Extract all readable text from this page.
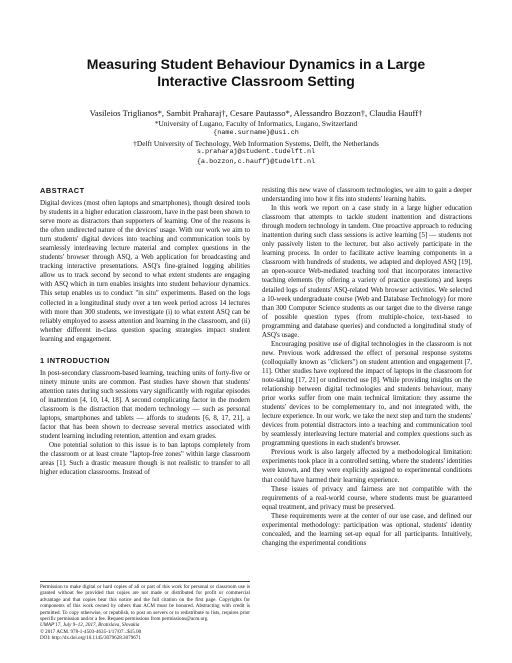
Measuring Student Behaviour Dynamics in a Large Interactive Classroom Setting
Vasileios Triglianos*, Sambit Praharaj†, Cesare Pautasso*, Alessandro Bozzon†, Claudia Hauff†
*University of Lugano, Faculty of Informatics, Lugano, Switzerland
{name.surname}@usi.ch
†Delft University of Technology, Web Information Systems, Delft, the Netherlands
s.praharaj@student.tudelft.nl
{a.bozzon,c.hauff}@tudelft.nl
ABSTRACT

Digital devices (most often laptops and smartphones), though desired tools by students in a higher education classroom, have in the past been shown to serve more as distractors than supporters of learning. One of the reasons is the often undirected nature of the devices' usage. With our work we aim to turn students' digital devices into teaching and communication tools by seamlessly interleaving lecture material and complex questions in the students' browser through ASQ, a Web application for broadcasting and tracking interactive presentations. ASQ's fine-grained logging abilities allow us to track second by second to what extent students are engaging with ASQ which in turn enables insights into student behaviour dynamics. This setup enables us to conduct "in situ" experiments. Based on the logs collected in a longitudinal study over a ten week period across 14 lectures with more than 300 students, we investigate (i) to what extent ASQ can be reliably employed to assess attention and learning in the classroom, and (ii) whether different in-class question spacing strategies impact student learning and engagement.

1 INTRODUCTION

In post-secondary classroom-based learning, teaching units of forty-five or ninety minute units are common. Past studies have shown that students' attention rates during such sessions vary significantly with regular episodes of inattention [4, 10, 14, 18]. A second complicating factor in the modern classroom is the distraction that modern technology — such as personal laptops, smartphones and tablets — affords to students [6, 8, 17, 21], a factor that has been shown to decrease several metrics associated with student learning including retention, attention and exam grades.

One potential solution to this issue is to ban laptops completely from the classroom or at least create "laptop-free zones" within large classroom areas [1]. Such a drastic measure though is not realistic to transfer to all higher education classrooms. Instead of

resisting this new wave of classroom technologies, we aim to gain a deeper understanding into how it fits into students' learning habits.

In this work we report on a case study in a large higher education classroom that attempts to tackle student inattention and distractions through modern technology in tandem. One proactive approach to reducing inattention during such class sessions is active learning [5] — students not only passively listen to the lecturer, but also actively participate in the learning process. In order to facilitate active learning components in a classroom with hundreds of students, we adapted and deployed ASQ [19], an open-source Web-mediated teaching tool that incorporates interactive teaching elements (by offering a variety of practice questions) and keeps detailed logs of students' ASQ-related Web browser activities. We selected a 10-week undergraduate course (Web and Database Technology) for more than 300 Computer Science students as our target due to the diverse range of possible question types (from multiple-choice, text-based to programming and database queries) and conducted a longitudinal study of ASQ's usage.

Encouraging positive use of digital technologies in the classroom is not new. Previous work addressed the effect of personal response systems (colloquially known as "clickers") on student attention and engagement [7, 11]. Other studies have explored the impact of laptops in the classroom for note-taking [17, 21] or undirected use [8]. While providing insights on the relationship between digital technologies and students behaviour, many prior works suffer from one main technical limitation: they assume the students' devices to be complementary to, and not integrated with, the lecture experience. In our work, we take the next step and turn the students' devices from potential distractors into a teaching and communication tool by seamlessly interleaving lecture material and complex questions such as programming questions in each student's browser.

Previous work is also largely affected by a methodological limitation: experiments took place in a controlled setting, where the students' identities were known, and they were explicitly assigned to experimental conditions that could have harmed their learning experience.

These issues of privacy and fairness are not compatible with the requirements of a real-world course, where students must be guaranteed equal treatment, and privacy must be preserved.

These requirements were at the center of our use case, and defined our experimental methodology: participation was optional, students' identity concealed, and the learning set-up equal for all participants. Intuitively, changing the experimental conditions

Permission to make digital or hard copies of all or part of this work for personal or classroom use is granted without fee provided that copies are not made or distributed for profit or commercial advantage and that copies bear this notice and the full citation on the first page. Copyrights for components of this work owned by others than ACM must be honored. Abstracting with credit is permitted. To copy otherwise, or republish, to post on servers or to redistribute to lists, requires prior specific permission and/or a fee. Request permissions from permissions@acm.org.

UMAP'17, July 9–12, 2017, Bratislava, Slovakia

© 2017 ACM. 978-1-4503-4635-1/17/07...$15.00

DOI: http://dx.doi.org/10.1145/3079628.3079671
